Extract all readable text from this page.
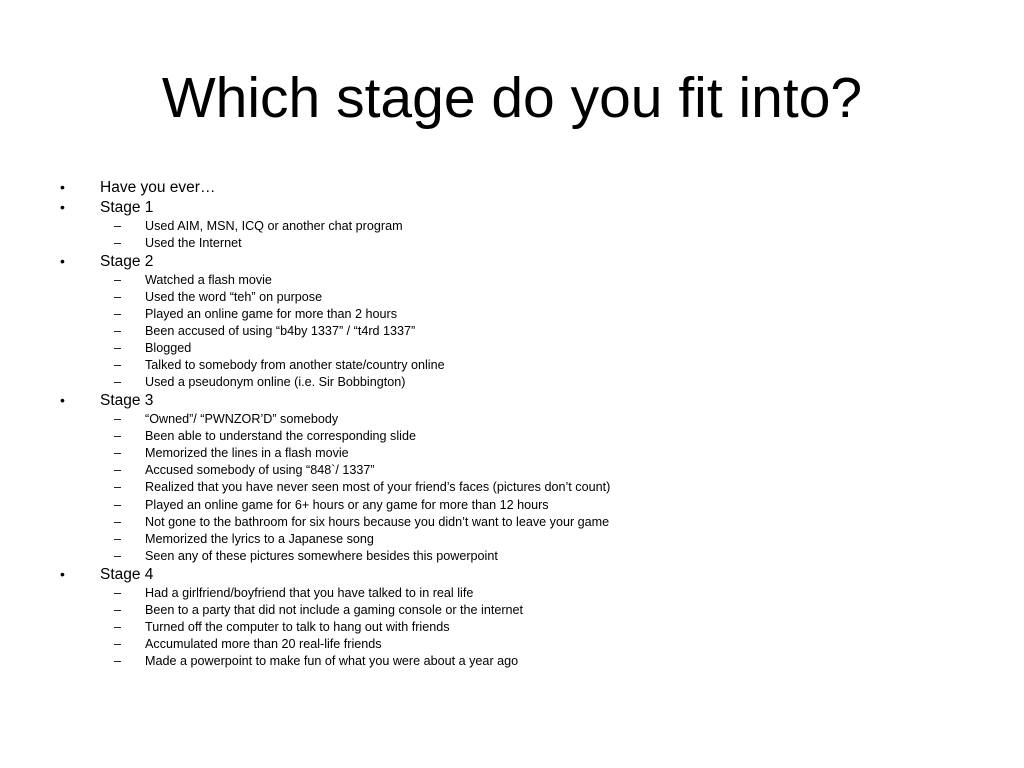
Which stage do you fit into?
•	Have you ever…
•	Stage 1
– Used AIM, MSN, ICQ or another chat program
– Used the Internet
•	Stage 2
– Watched a flash movie
– Used the word “teh” on purpose
– Played an online game for more than 2 hours
– Been accused of using “b4by 1337” / “t4rd 1337”
– Blogged
– Talked to somebody from another state/country online
– Used a pseudonym online (i.e. Sir Bobbington)
•	Stage 3
– “Owned”/ “PWNZOR’D” somebody
– Been able to understand the corresponding slide
– Memorized the lines in a flash movie
– Accused somebody of using “848`/ 1337”
– Realized that you have never seen most of your friend’s faces (pictures don’t count)
– Played an online game for 6+ hours or any game for more than 12 hours
– Not gone to the bathroom for six hours because you didn’t want to leave your game
– Memorized the lyrics to a Japanese song
– Seen any of these pictures somewhere besides this powerpoint
•	Stage 4
– Had a girlfriend/boyfriend that you have talked to in real life
– Been to a party that did not include a gaming console or the internet
– Turned off the computer to talk to hang out with friends
– Accumulated more than 20 real-life friends
– Made a powerpoint to make fun of what you were about a year ago
